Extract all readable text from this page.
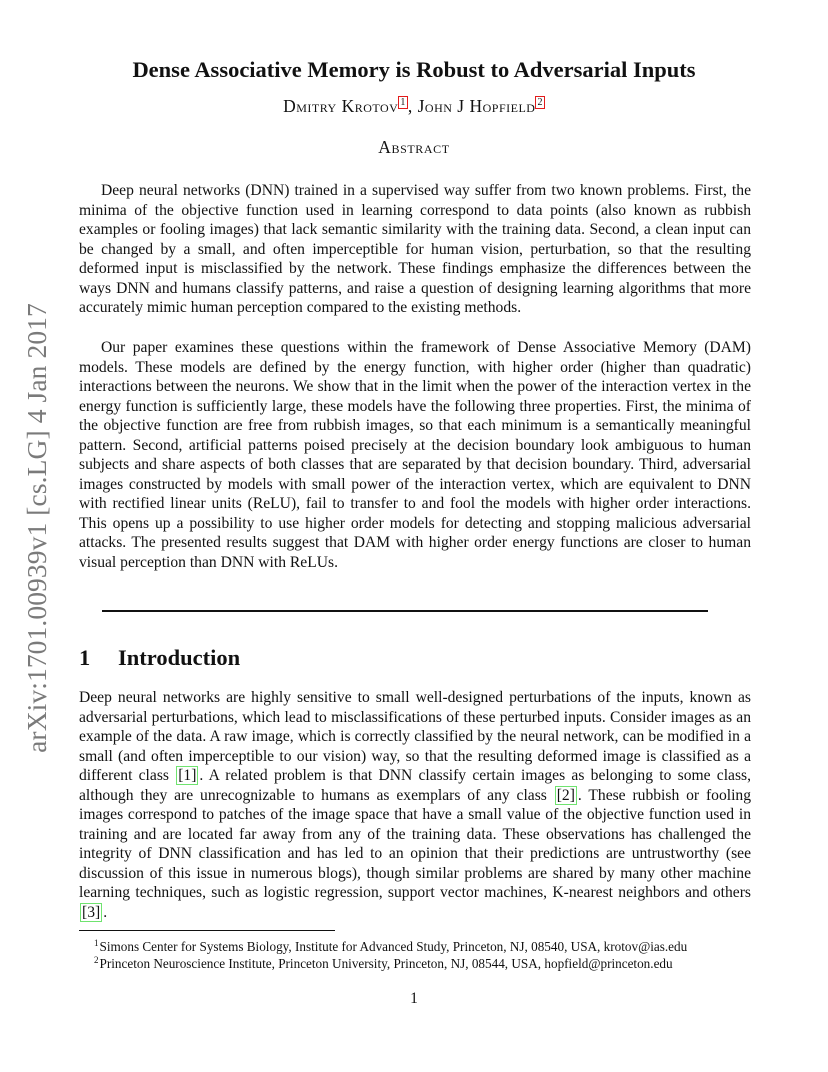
arXiv:1701.00939v1 [cs.LG] 4 Jan 2017
Dense Associative Memory is Robust to Adversarial Inputs
Dmitry Krotov $^1$ , John J Hopfield $^2$
Abstract

Deep neural networks (DNN) trained in a supervised way suffer from two known problems. First, the minima of the objective function used in learning correspond to data points (also known as rubbish examples or fooling images) that lack semantic similarity with the training data. Second, a clean input can be changed by a small, and often imperceptible for human vision, perturbation, so that the resulting deformed input is misclassified by the network. These findings emphasize the differences between the ways DNN and humans classify patterns, and raise a question of designing learning algorithms that more accurately mimic human perception compared to the existing methods.

Our paper examines these questions within the framework of Dense Associative Memory (DAM) models. These models are defined by the energy function, with higher order (higher than quadratic) interactions between the neurons. We show that in the limit when the power of the interaction vertex in the energy function is sufficiently large, these models have the following three properties. First, the minima of the objective function are free from rubbish images, so that each minimum is a semantically meaningful pattern. Second, artificial patterns poised precisely at the decision boundary look ambiguous to human subjects and share aspects of both classes that are separated by that decision boundary. Third, adversarial images constructed by models with small power of the interaction vertex, which are equivalent to DNN with rectified linear units (ReLU), fail to transfer to and fool the models with higher order interactions. This opens up a possibility to use higher order models for detecting and stopping malicious adversarial attacks. The presented results suggest that DAM with higher order energy functions are closer to human visual perception than DNN with ReLUs.

1 Introduction

Deep neural networks are highly sensitive to small well-designed perturbations of the inputs, known as adversarial perturbations, which lead to misclassifications of these perturbed inputs. Consider images as an example of the data. A raw image, which is correctly classified by the neural network, can be modified in a small (and often imperceptible to our vision) way, so that the resulting deformed image is classified as a different class [1] . A related problem is that DNN classify certain images as belonging to some class, although they are unrecognizable to humans as exemplars of any class [2] . These rubbish or fooling images correspond to patches of the image space that have a small value of the objective function used in training and are located far away from any of the training data. These observations has challenged the integrity of DNN classification and has led to an opinion that their predictions are untrustworthy (see discussion of this issue in numerous blogs), though similar problems are shared by many other machine learning techniques, such as logistic regression, support vector machines, K-nearest neighbors and others [3] .

$^1$Simons Center for Systems Biology, Institute for Advanced Study, Princeton, NJ, 08540, USA, krotov@ias.edu
$^2$Princeton Neuroscience Institute, Princeton University, Princeton, NJ, 08544, USA, hopfield@princeton.edu
1
